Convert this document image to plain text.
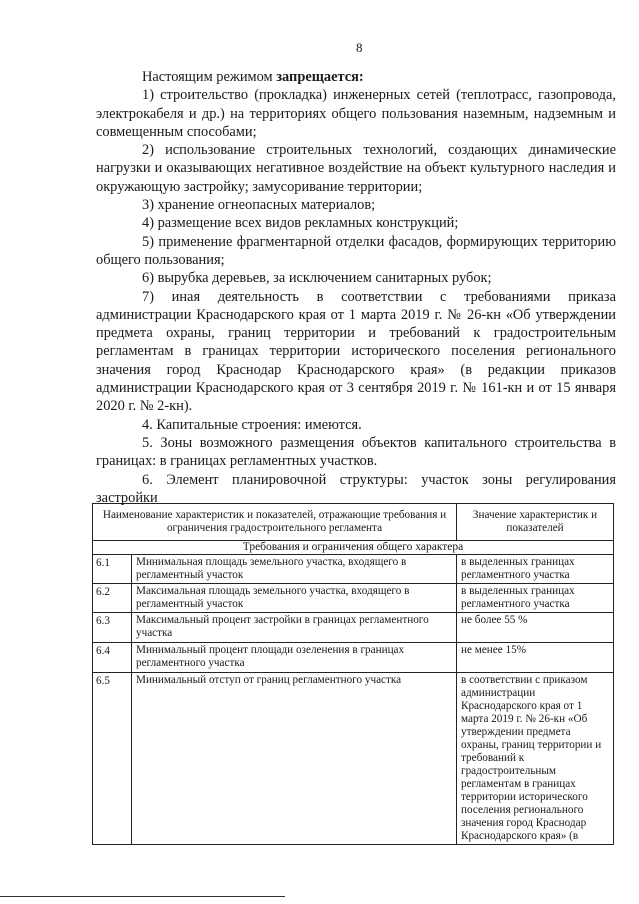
8

Настоящим режимом запрещается:

1) строительство (прокладка) инженерных сетей (теплотрасс, газопровода, электрокабеля и др.) на территориях общего пользования наземным, надземным и совмещенным способами;

2) использование строительных технологий, создающих динамические нагрузки и оказывающих негативное воздействие на объект культурного наследия и окружающую застройку; замусоривание территории;

3) хранение огнеопасных материалов;

4) размещение всех видов рекламных конструкций;

5) применение фрагментарной отделки фасадов, формирующих территорию общего пользования;

6) вырубка деревьев, за исключением санитарных рубок;

7) иная деятельность в соответствии с требованиями приказа администрации Краснодарского края от 1 марта 2019 г. № 26-кн «Об утверждении предмета охраны, границ территории и требований к градостроительным регламентам в границах территории исторического поселения регионального значения город Краснодар Краснодарского края» (в редакции приказов администрации Краснодарского края от 3 сентября 2019 г. № 161-кн и от 15 января 2020 г. № 2-кн).

4. Капитальные строения: имеются.

5. Зоны возможного размещения объектов капитального строительства в границах: в границах регламентных участков.

6. Элемент планировочной структуры: участок зоны регулирования застройки

Наименование характеристик и показателей, отражающие требования и ограничения градостроительного регламента		Значение характеристик и показателей
Требования и ограничения общего характера		
6.1	Минимальная площадь земельного участка, входящего в регламентный участок	в выделенных границах регламентного участка
6.2	Максимальная площадь земельного участка, входящего в регламентный участок	в выделенных границах регламентного участка
6.3	Максимальный процент застройки в границах регламентного участка	не более 55 %
6.4	Минимальный процент площади озеленения в границах регламентного участка	не менее 15%
6.5	Минимальный отступ от границ регламентного участка	в соответствии с приказом администрации Краснодарского края от 1 марта 2019 г. № 26-кн «Об утверждении предмета охраны, границ территории и требований к градостроительным регламентам в границах территории исторического поселения регионального значения город Краснодар Краснодарского края» (в
